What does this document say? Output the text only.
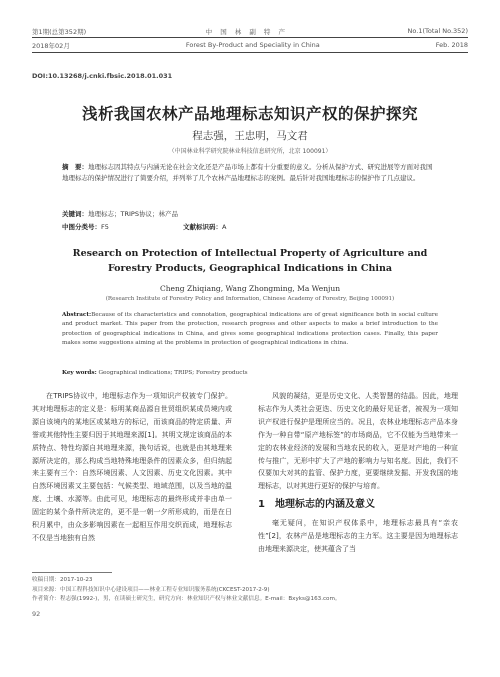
第1期(总第352期)	中 国 林 副 特 产	No.1(Total No.352)
2018年02月	Forest By-Product and Speciality in China	Feb. 2018
DOI:10.13268/j.cnki.fbsic.2018.01.031
浅析我国农林产品地理标志知识产权的保护探究
程志强，王忠明，马文君
（中国林业科学研究院林业科技信息研究所，北京 100091）
摘　要：地理标志因其特点与内涵无论在社会文化还是产品市场上都有十分重要的意义。分析从保护方式、研究进展等方面对我国地理标志的保护情况进行了简要介绍，并列举了几个农林产品地理标志的案例。最后针对我国地理标志的保护作了几点建议。
关键词：地理标志；TRIPS协议；林产品
中图分类号：F5	文献标识码：A
Research on Protection of Intellectual Property of Agriculture and
Forestry Products, Geographical Indications in China
Cheng Zhiqiang, Wang Zhongming, Ma Wenjun
(Research Institute of Forestry Policy and Information, Chinese Academy of Forestry, Beijing 100091)
Abstract:Because of its characteristics and connotation, geographical indications are of great significance both in social culture and product market. This paper from the protection, research progress and other aspects to make a brief introduction to the protection of geographical indications in China, and gives some geographical indications protection cases. Finally, this paper makes some suggestions aiming at the problems in protection of geographical indications in china.
Key words: Geographical indications; TRIPS; Forestry products

在TRIPS协议中，地理标志作为一项知识产权被专门保护。其对地理标志的定义是：标明某商品源自世贸组织某成员境内或源自该境内的某地区或某地方的标记，而该商品的特定质量、声誉或其他特性主要归因于其地理来源[1]。其明文规定该商品的本质特点、特性均源自其地理来源，换句话说，也就是由其地理来源所决定的，那么构成当地特殊地理条件的因素众多，但归纳起来主要有三个：自然环境因素、人文因素、历史文化因素。其中自然环境因素又主要包括：气候类型、地域范围，以及当地的温度、土壤、水源等。由此可见，地理标志的最终形成并非由单一固定的某个条件所决定的，更不是一朝一夕所形成的，而是在日积月累中，由众多影响因素在一起相互作用交织而成，地理标志不仅是当地独有自然

风貌的凝结，更是历史文化、人类智慧的结晶。因此，地理标志作为人类社会更迭、历史文化的最好见证者，被视为一项知识产权进行保护是理所应当的。况且，农林业地理标志产品本身作为一种自带“原产地标签”的市场商品，它不仅能为当地带来一定的农林业经济的发展和当地农民的收入，更是对产地的一种宣传与推广，无形中扩大了产地的影响力与知名度。因此，我们不仅要加大对其的监管、保护力度，更要继续发掘、开发我国的地理标志，以对其进行更好的保护与培育。

1　地理标志的内涵及意义

毫无疑问，在知识产权体系中，地理标志最具有“亲农性”[2]，农林产品是地理标志的主力军。这主要是因为地理标志由地理来源决定，使其蕴含了当

收稿日期：2017-10-23
项目来源：中国工程科技知识中心建设项目——林业工程专业知识服务系统(CKCEST-2017-2-9)
作者简介：程志强(1992-)，男，在读硕士研究生，研究方向：林业知识产权与林业文献信息。E-mail：Bxyks@163.com。
92
